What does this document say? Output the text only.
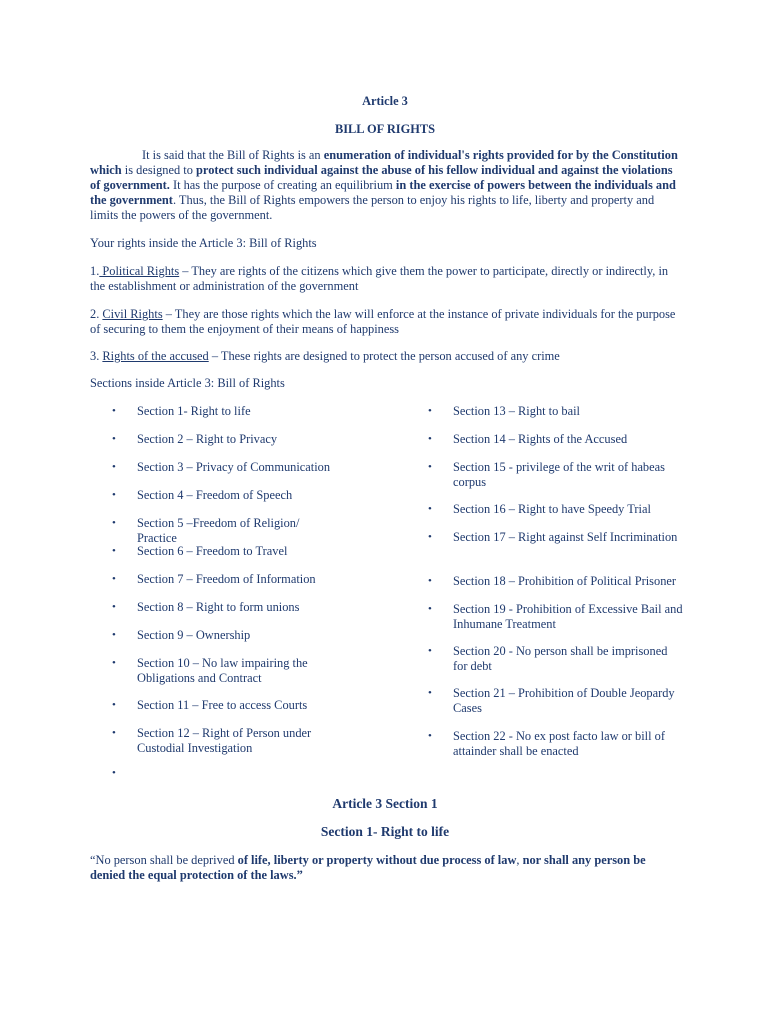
Article 3
BILL OF RIGHTS
It is said that the Bill of Rights is an enumeration of individual's rights provided for by the Constitution which is designed to protect such individual against the abuse of his fellow individual and against the violations of government. It has the purpose of creating an equilibrium in the exercise of powers between the individuals and the government. Thus, the Bill of Rights empowers the person to enjoy his rights to life, liberty and property and limits the powers of the government.
Your rights inside the Article 3: Bill of Rights
1. Political Rights – They are rights of the citizens which give them the power to participate, directly or indirectly, in the establishment or administration of the government
2. Civil Rights – They are those rights which the law will enforce at the instance of private individuals for the purpose of securing to them the enjoyment of their means of happiness
3. Rights of the accused – These rights are designed to protect the person accused of any crime
Sections inside Article 3: Bill of Rights
• Section 1- Right to life
• Section 2 – Right to Privacy
• Section 3 – Privacy of Communication
• Section 4 – Freedom of Speech
• Section 5 –Freedom of Religion/ Practice
• Section 6 – Freedom to Travel
• Section 7 – Freedom of Information
• Section 8 – Right to form unions
• Section 9 – Ownership
• Section 10 – No law impairing the Obligations and Contract
• Section 11 – Free to access Courts
• Section 12 – Right of Person under Custodial Investigation
•
• Section 13 – Right to bail
• Section 14 – Rights of the Accused
• Section 15 - privilege of the writ of habeas corpus
• Section 16 – Right to have Speedy Trial
• Section 17 – Right against Self Incrimination
• Section 18 – Prohibition of Political Prisoner
• Section 19 - Prohibition of Excessive Bail and Inhumane Treatment
• Section 20 - No person shall be imprisoned for debt
• Section 21 – Prohibition of Double Jeopardy Cases
• Section 22 - No ex post facto law or bill of attainder shall be enacted
Article 3 Section 1
Section 1- Right to life
“No person shall be deprived of life, liberty or property without due process of law, nor shall any person be denied the equal protection of the laws.”
